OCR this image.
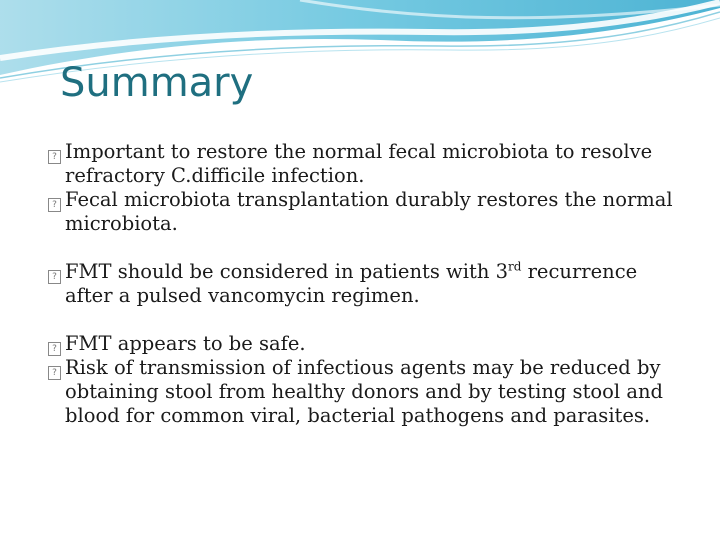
Summary

? Important to restore the normal fecal microbiota to resolve refractory C.difficile infection.

? Fecal microbiota transplantation durably restores the normal microbiota.

? FMT should be considered in patients with 3rd recurrence after a pulsed vancomycin regimen.

? FMT appears to be safe.

? Risk of transmission of infectious agents may be reduced by obtaining stool from healthy donors and by testing stool and blood for common viral, bacterial pathogens and parasites.
